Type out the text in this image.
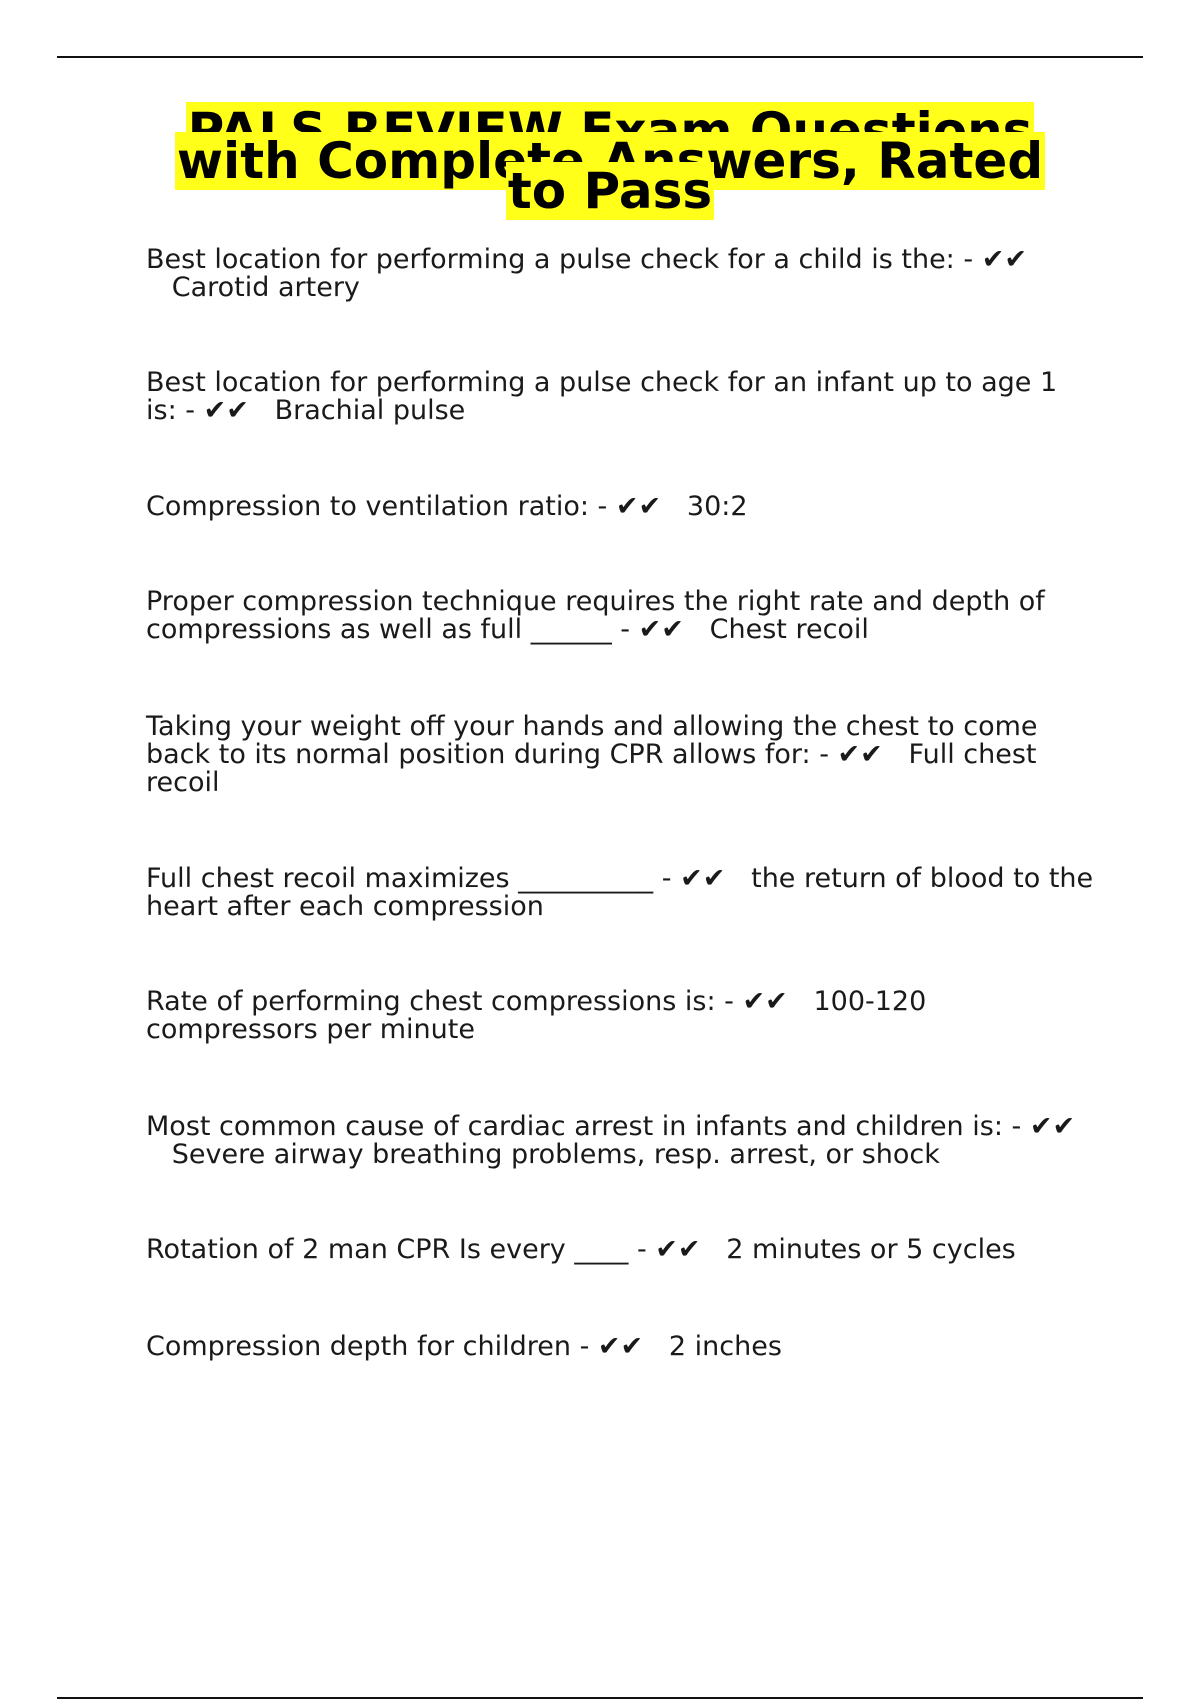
PALS REVIEW Exam Questions with Complete Answers, Rated to Pass

Best location for performing a pulse check for a child is the: - ✔✔   Carotid artery

Best location for performing a pulse check for an infant up to age 1 is: - ✔✔ Brachial pulse

Compression to ventilation ratio: - ✔✔ 30:2

Proper compression technique requires the right rate and depth of compressions as well as full ______ - ✔✔ Chest recoil

Taking your weight off your hands and allowing the chest to come back to its normal position during CPR allows for: - ✔✔ Full chest recoil

Full chest recoil maximizes __________ - ✔✔ the return of blood to the heart after each compression

Rate of performing chest compressions is: - ✔✔ 100-120 compressors per minute

Most common cause of cardiac arrest in infants and children is: - ✔✔   Severe airway breathing problems, resp. arrest, or shock

Rotation of 2 man CPR Is every ____ - ✔✔ 2 minutes or 5 cycles

Compression depth for children - ✔✔ 2 inches
